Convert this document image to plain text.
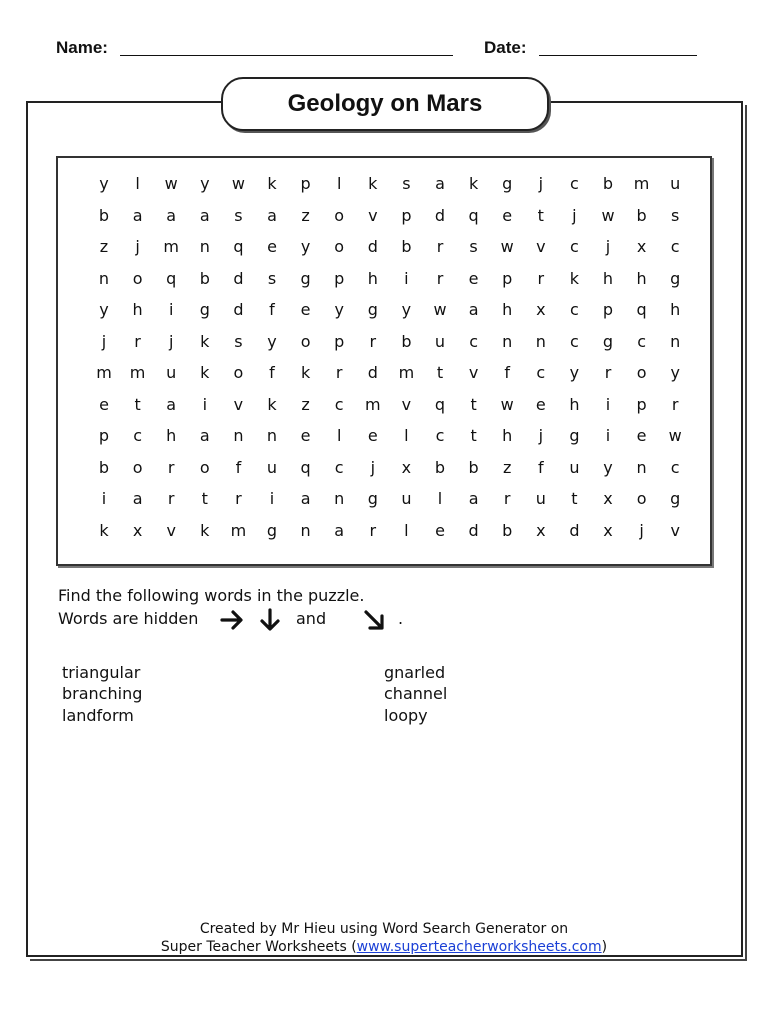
Name:	Date:
Geology on Mars
y	l	w	y	w	k	p	l	k	s	a	k	g	j	c	b	m	u
b	a	a	a	s	a	z	o	v	p	d	q	e	t	j	w	b	s
z	j	m	n	q	e	y	o	d	b	r	s	w	v	c	j	x	c
n	o	q	b	d	s	g	p	h	i	r	e	p	r	k	h	h	g
y	h	i	g	d	f	e	y	g	y	w	a	h	x	c	p	q	h
j	r	j	k	s	y	o	p	r	b	u	c	n	n	c	g	c	n
m	m	u	k	o	f	k	r	d	m	t	v	f	c	y	r	o	y
e	t	a	i	v	k	z	c	m	v	q	t	w	e	h	i	p	r
p	c	h	a	n	n	e	l	e	l	c	t	h	j	g	i	e	w
b	o	r	o	f	u	q	c	j	x	b	b	z	f	u	y	n	c
i	a	r	t	r	i	a	n	g	u	l	a	r	u	t	x	o	g
k	x	v	k	m	g	n	a	r	l	e	d	b	x	d	x	j	v
Find the following words in the puzzle.
Words are hidden	and	.
triangular
branching
landform
gnarled
channel
loopy
Created by Mr Hieu using Word Search Generator on
Super Teacher Worksheets (www.superteacherworksheets.com)
